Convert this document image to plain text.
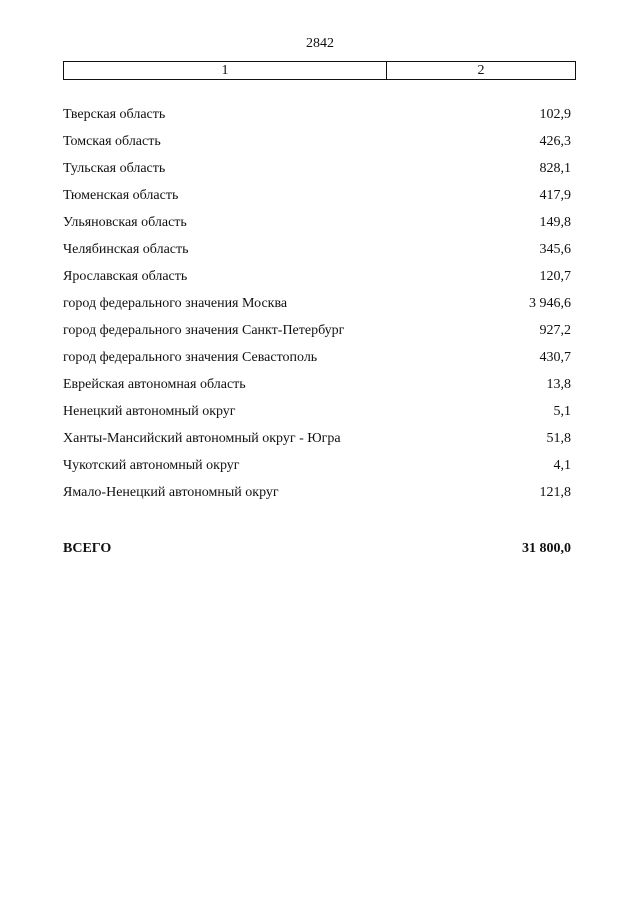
2842
1	2
Тверская область	102,9
Томская область	426,3
Тульская область	828,1
Тюменская область	417,9
Ульяновская область	149,8
Челябинская область	345,6
Ярославская область	120,7
город федерального значения Москва	3 946,6
город федерального значения Санкт-Петербург	927,2
город федерального значения Севастополь	430,7
Еврейская автономная область	13,8
Ненецкий автономный округ	5,1
Ханты-Мансийский автономный округ - Югра	51,8
Чукотский автономный округ	4,1
Ямало-Ненецкий автономный округ	121,8
ВСЕГО	31 800,0
